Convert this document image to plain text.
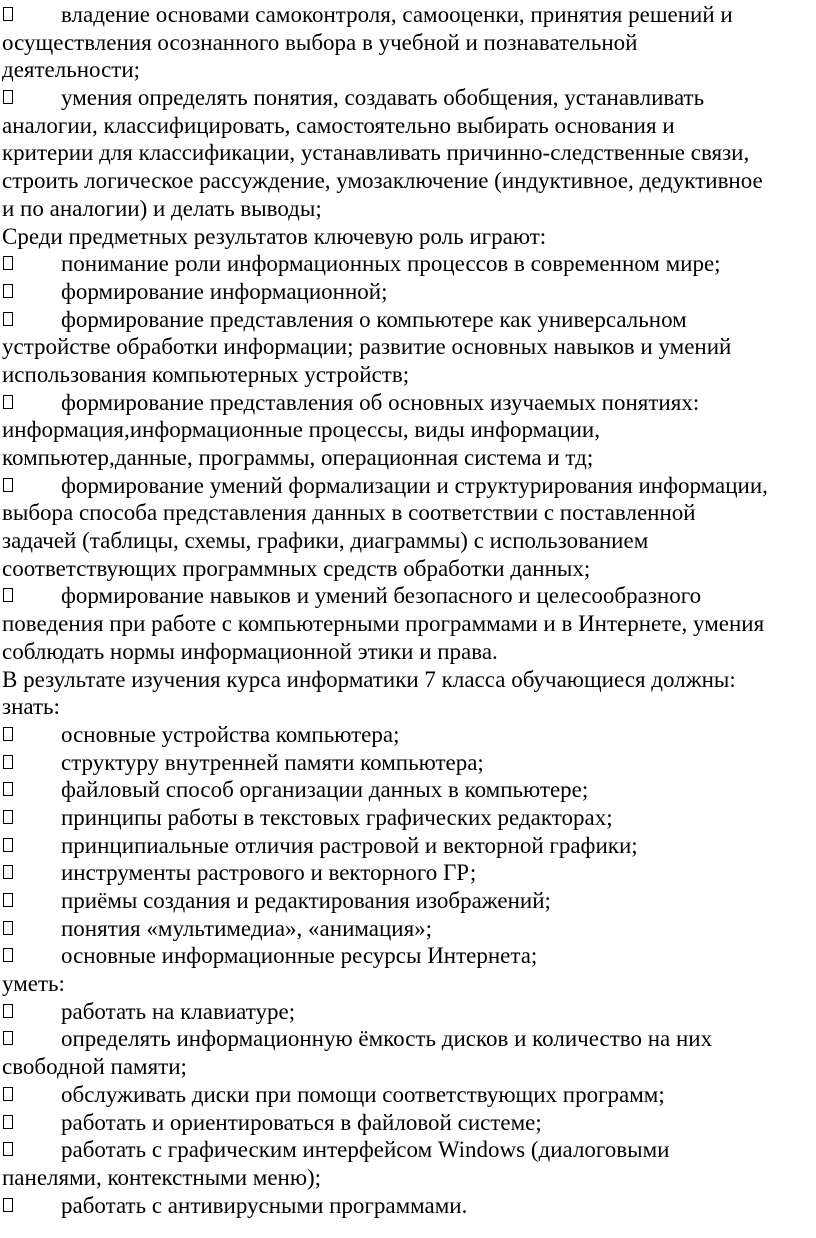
владение основами самоконтроля, самооценки, принятия решений и
осуществления осознанного выбора в учебной и познавательной
деятельности;
умения определять понятия, создавать обобщения, устанавливать
аналогии, классифицировать, самостоятельно выбирать основания и
критерии для классификации, устанавливать причинно-следственные связи,
строить логическое рассуждение, умозаключение (индуктивное, дедуктивное
и по аналогии) и делать выводы;
Среди предметных результатов ключевую роль играют:
понимание роли информационных процессов в современном мире;
формирование информационной;
формирование представления о компьютере как универсальном
устройстве обработки информации; развитие основных навыков и умений
использования компьютерных устройств;
формирование представления об основных изучаемых понятиях:
информация,информационные процессы, виды информации,
компьютер,данные, программы, операционная система и тд;
формирование умений формализации и структурирования информации,
выбора способа представления данных в соответствии с поставленной
задачей (таблицы, схемы, графики, диаграммы) с использованием
соответствующих программных средств обработки данных;
формирование навыков и умений безопасного и целесообразного
поведения при работе с компьютерными программами и в Интернете, умения
соблюдать нормы информационной этики и права.
В результате изучения курса информатики 7 класса обучающиеся должны:
знать:
основные устройства компьютера;
структуру внутренней памяти компьютера;
файловый способ организации данных в компьютере;
принципы работы в текстовых графических редакторах;
принципиальные отличия растровой и векторной графики;
инструменты растрового и векторного ГР;
приёмы создания и редактирования изображений;
понятия «мультимедиа», «анимация»;
основные информационные ресурсы Интернета;
уметь:
работать на клавиатуре;
определять информационную ёмкость дисков и количество на них
свободной памяти;
обслуживать диски при помощи соответствующих программ;
работать и ориентироваться в файловой системе;
работать с графическим интерфейсом Windows (диалоговыми
панелями, контекстными меню);
работать с антивирусными программами.
